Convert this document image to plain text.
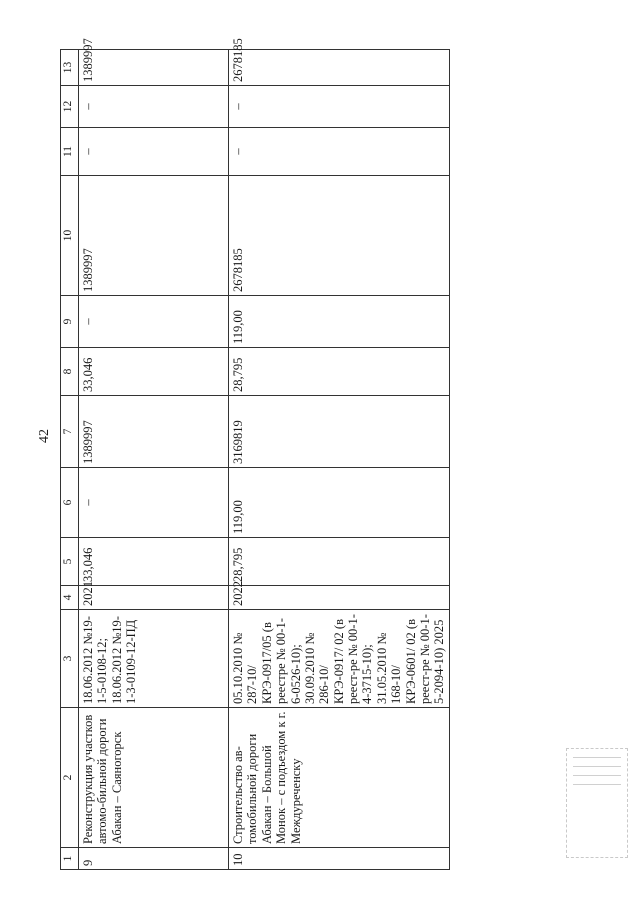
42
1	2	3	4	5	6	7	8	9	10	11	12	13
9	Реконструкция участков автомо-бильной дороги Абакан – Саяногорск	18.06.2012 №19-1-5-0108-12; 18.06.2012 №19-1-3-0109-12-ПД	2021	33,046	–	1389997	33,046	–	1389997	–	–	1389997
10	Строительство ав-томобильной дороги Абакан – Большой Монок – с подъездом к г. Междуреченску	05.10.2010 № 287-10/ КРЭ-0917/05 (в реестре № 00-1-6-0526-10); 30.09.2010 № 286-10/ КРЭ-0917/ 02 (в реест-ре № 00-1-4-3715-10); 31.05.2010 № 168-10/ КРЭ-0601/ 02 (в реест-ре № 00-1-5-2094-10) 2025	2022	28,795	119,00	3169819	28,795	119,00	2678185	–	–	2678185
